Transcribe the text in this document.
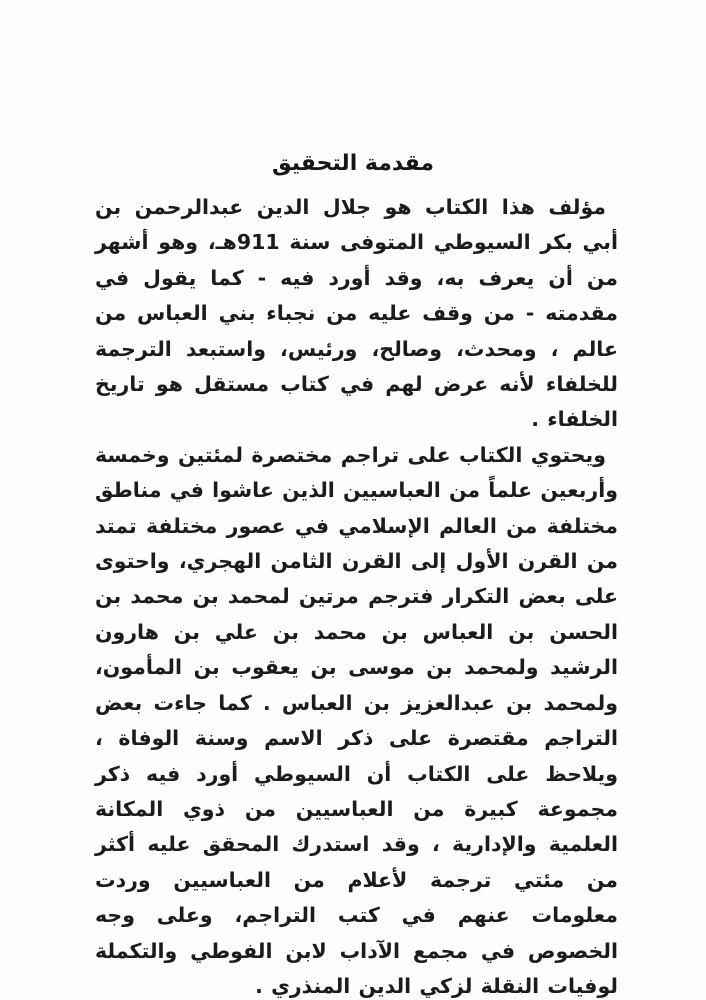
مقدمة التحقيق

مؤلف هذا الكتاب هو جلال الدين عبدالرحمن بن أبي بكر السيوطي المتوفى سنة 911هـ، وهو أشهر من أن يعرف به، وقد أورد فيه - كما يقول في مقدمته - من وقف عليه من نجباء بني العباس من عالم ، ومحدث، وصالح، ورئيس، واستبعد الترجمة للخلفاء لأنه عرض لهم في كتاب مستقل هو تاريخ الخلفاء .

ويحتوي الكتاب على تراجم مختصرة لمئتين وخمسة وأربعين علماً من العباسيين الذين عاشوا في مناطق مختلفة من العالم الإسلامي في عصور مختلفة تمتد من القرن الأول إلى القرن الثامن الهجري، واحتوى على بعض التكرار فترجم مرتين لمحمد بن محمد بن الحسن بن العباس بن محمد بن علي بن هارون الرشيد ولمحمد بن موسى بن يعقوب بن المأمون، ولمحمد بن عبدالعزيز بن العباس . كما جاءت بعض التراجم مقتصرة على ذكر الاسم وسنة الوفاة ، ويلاحظ على الكتاب أن السيوطي أورد فيه ذكر مجموعة كبيرة من العباسيين من ذوي المكانة العلمية والإدارية ، وقد استدرك المحقق عليه أكثر من مئتي ترجمة لأعلام من العباسيين وردت معلومات عنهم في كتب التراجم، وعلى وجه الخصوص في مجمع الآداب لابن الفوطي والتكملة لوفيات النقلة لزكي الدين المنذري .
